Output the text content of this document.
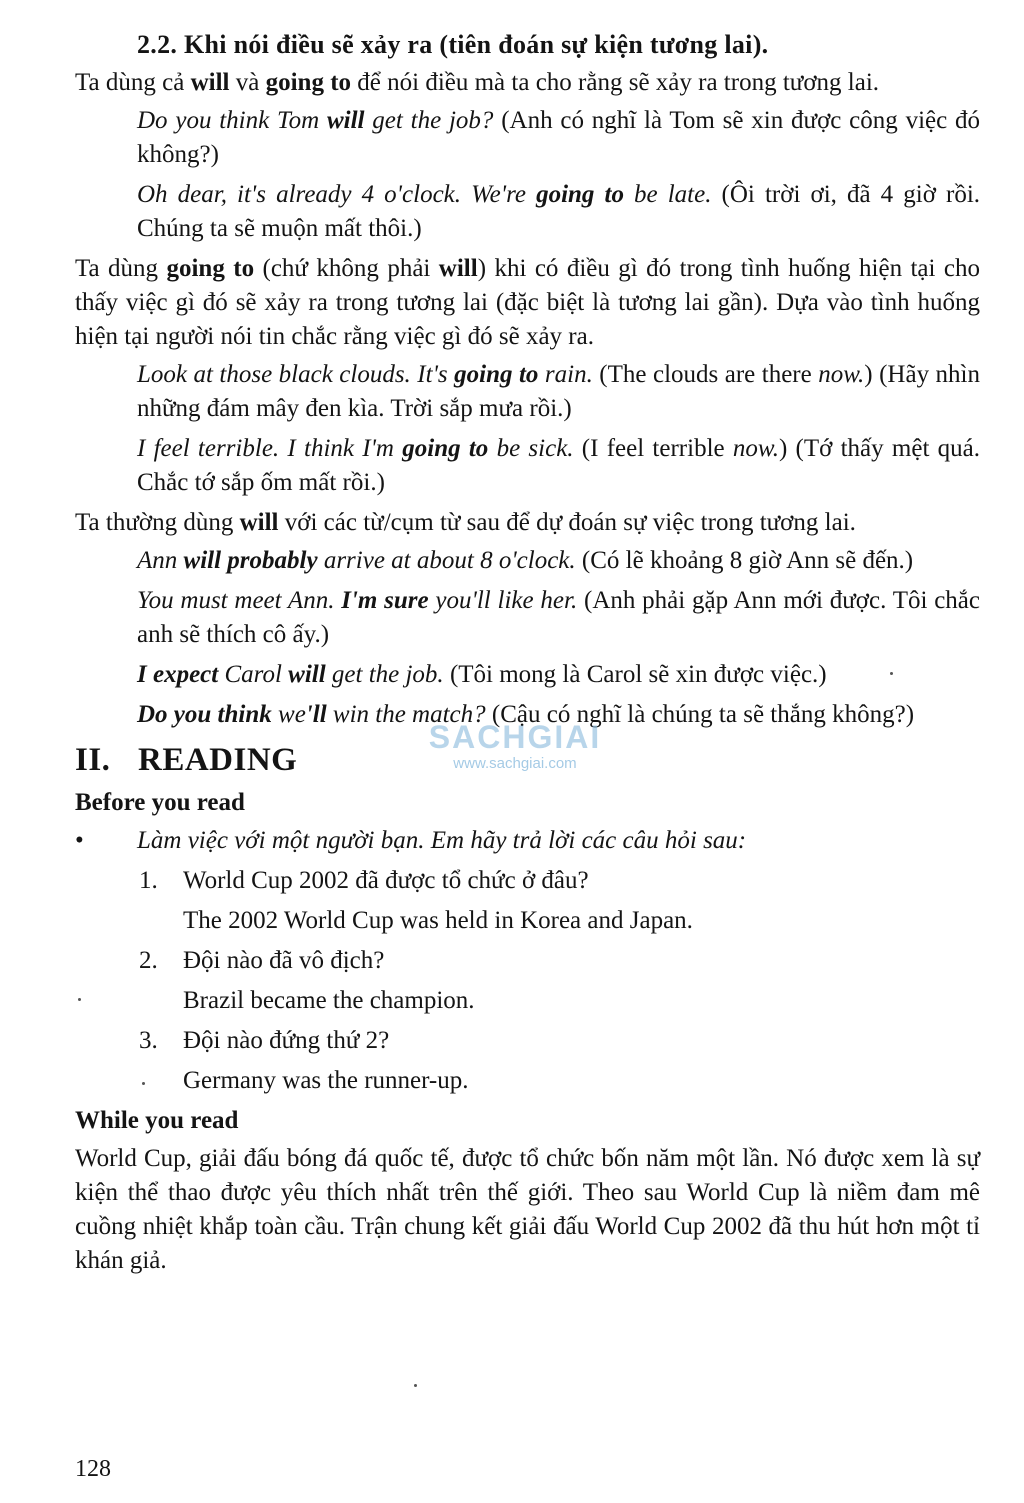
2.2. Khi nói điều sẽ xảy ra (tiên đoán sự kiện tương lai).
Ta dùng cả will và going to để nói điều mà ta cho rằng sẽ xảy ra trong tương lai.
Do you think Tom will get the job? (Anh có nghĩ là Tom sẽ xin được công việc đó không?)
Oh dear, it's already 4 o'clock. We're going to be late. (Ôi trời ơi, đã 4 giờ rồi. Chúng ta sẽ muộn mất thôi.)
Ta dùng going to (chứ không phải will) khi có điều gì đó trong tình huống hiện tại cho thấy việc gì đó sẽ xảy ra trong tương lai (đặc biệt là tương lai gần). Dựa vào tình huống hiện tại người nói tin chắc rằng việc gì đó sẽ xảy ra.
Look at those black clouds. It's going to rain. (The clouds are there now.) (Hãy nhìn những đám mây đen kìa. Trời sắp mưa rồi.)
I feel terrible. I think I'm going to be sick. (I feel terrible now.) (Tớ thấy mệt quá. Chắc tớ sắp ốm mất rồi.)
Ta thường dùng will với các từ/cụm từ sau để dự đoán sự việc trong tương lai.
Ann will probably arrive at about 8 o'clock. (Có lẽ khoảng 8 giờ Ann sẽ đến.)
You must meet Ann. I'm sure you'll like her. (Anh phải gặp Ann mới được. Tôi chắc anh sẽ thích cô ấy.)
I expect Carol will get the job. (Tôi mong là Carol sẽ xin được việc.)
Do you think we'll win the match? (Cậu có nghĩ là chúng ta sẽ thắng không?)
II. READING
Before you read
• Làm việc với một người bạn. Em hãy trả lời các câu hỏi sau:
1. World Cup 2002 đã được tổ chức ở đâu?
The 2002 World Cup was held in Korea and Japan.
2. Đội nào đã vô địch?
Brazil became the champion.
3. Đội nào đứng thứ 2?
Germany was the runner-up.
While you read
World Cup, giải đấu bóng đá quốc tế, được tổ chức bốn năm một lần. Nó được xem là sự kiện thể thao được yêu thích nhất trên thế giới. Theo sau World Cup là niềm đam mê cuồng nhiệt khắp toàn cầu. Trận chung kết giải đấu World Cup 2002 đã thu hút hơn một tỉ khán giả.
SACHGIAI
www.sachgiai.com
128
